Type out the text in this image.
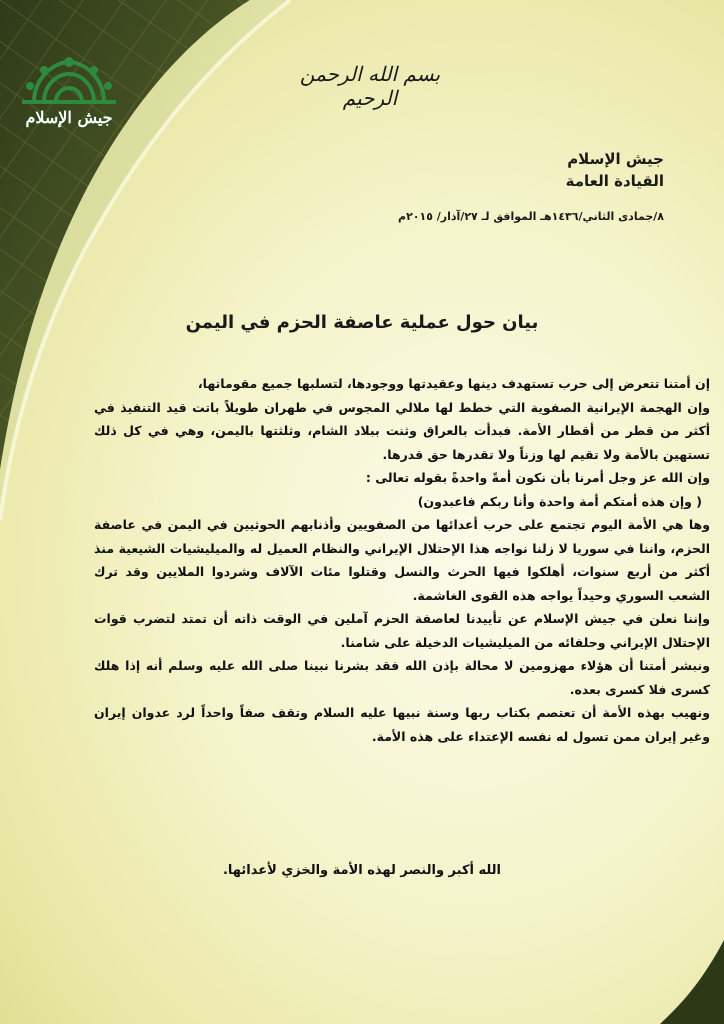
جيش الإسلام
بسم الله الرحمن الرحيم
جيش الإسلام
القيادة العامة
٨/جمادى الثاني/١٤٣٦هـ الموافق لـ ٢٧/آذار/ ٢٠١٥م
بيان حول عملية عاصفة الحزم في اليمن

إن أمتنا تتعرض إلى حرب تستهدف دينها وعقيدتها ووجودها، لتسلبها جميع مقوماتها،

وإن الهجمة الإيرانية الصفوية التي خطط لها ملالي المجوس في طهران طويلاً باتت قيد التنفيذ في أكثر من قطر من أقطار الأمة. فبدأت بالعراق وثنت ببلاد الشام، وثلثتها باليمن، وهي في كل ذلك تستهين بالأمة ولا تقيم لها وزناً ولا تقدرها حق قدرها.

وإن الله عز وجل أمرنا بأن نكون أمةً واحدةً بقوله تعالى :

( وإن هذه أمتكم أمة واحدة وأنا ربكم فاعبدون)

وها هي الأمة اليوم تجتمع على حرب أعدائها من الصفويين وأذنابهم الحوثيين في اليمن في عاصفة الحزم، واننا في سوريا لا زلنا نواجه هذا الإحتلال الإيراني والنظام العميل له والميليشيات الشيعية منذ أكثر من أربع سنوات، أهلكوا فيها الحرث والنسل وقتلوا مئات الآلاف وشردوا الملايين وقد ترك الشعب السوري وحيداً يواجه هذه القوى الغاشمة.

وإننا نعلن في جيش الإسلام عن تأييدنا لعاصفة الحزم آملين في الوقت ذاته أن تمتد لتضرب قوات الإحتلال الإيراني وحلفائه من الميليشيات الدخيلة على شامنا.

ونبشر أمتنا أن هؤلاء مهزومين لا محالة بإذن الله فقد بشرنا نبينا صلى الله عليه وسلم أنه إذا هلك كسرى فلا كسرى بعده.

ونهيب بهذه الأمة أن تعتصم بكتاب ربها وسنة نبيها عليه السلام وتقف صفاً واحداً لرد عدوان إيران وغير إيران ممن تسول له نفسه الإعتداء على هذه الأمة.

الله أكبر والنصر لهذه الأمة والخزي لأعدائها.
